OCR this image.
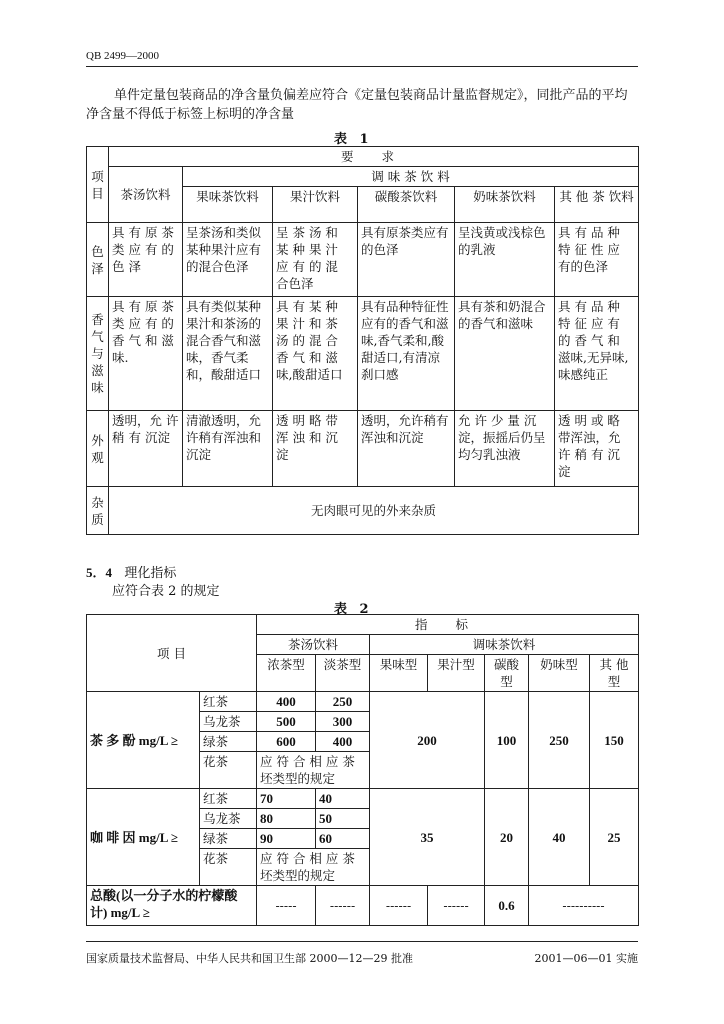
QB 2499—2000
单件定量包装商品的净含量负偏差应符合《定量包装商品计量监督规定》，同批产品的平均净含量不得低于标签上标明的净含量
表 1
项目	要 求					
	茶汤饮料	调 味 茶 饮 料				
		果味茶饮料	果汁饮料	碳酸茶饮料	奶味茶饮料	其 他 茶 饮料
色泽	具 有 原 茶 类 应 有 的 色 泽	呈茶汤和类似某种果汁应有的混合色泽	呈 茶 汤 和 某 种 果 汁 应 有 的 混 合色泽	具有原茶类应有的色泽	呈浅黄或浅棕色的乳液	具 有 品 种 特 征 性 应 有的色泽
香气与滋味	具 有 原 茶 类 应 有 的 香 气 和 滋 味.	具有类似某种果汁和茶汤的混合香气和滋味，香气柔和，酸甜适口	具 有 某 种 果 汁 和 茶 汤 的 混 合 香 气 和 滋 味,酸甜适口	具有品种特征性应有的香气和滋味,香气柔和,酸甜适口,有清凉刹口感	具有茶和奶混合的香气和滋味	具 有 品 种 特 征 应 有 的 香 气 和 滋味,无异味,味感纯正
外观	透明，允 许 稍 有 沉淀	清澈透明，允许稍有浑浊和沉淀	透 明 略 带 浑 浊 和 沉 淀	透明，允许稍有浑浊和沉淀	允 许 少 量 沉 淀，振摇后仍呈均匀乳浊液	透 明 或 略 带浑浊，允 许 稍 有 沉 淀
杂质	无肉眼可见的外来杂质					
5．4 理化指标
应符合表 2 的规定
表 2
项 目		指 标						
		茶汤饮料		调味茶饮料				
		浓茶型	淡茶型	果味型	果汁型	碳酸型	奶味型	其 他 型
茶 多 酚 mg/L ≥	红茶	400	250	200		100	250	150
	乌龙茶	500	300					
	绿茶	600	400					
	花茶	应 符 合 相 应 茶 坯类型的规定						
咖 啡 因 mg/L ≥	红茶	70	40	35		20	40	25
	乌龙茶	80	50					
	绿茶	90	60					
	花茶	应 符 合 相 应 茶 坯类型的规定						
总酸(以一分子水的柠檬酸计) mg/L ≥		-----	------	------	------	0.6	----------	
国家质量技术监督局、中华人民共和国卫生部 2000—12—29 批准	2001—06—01 实施
